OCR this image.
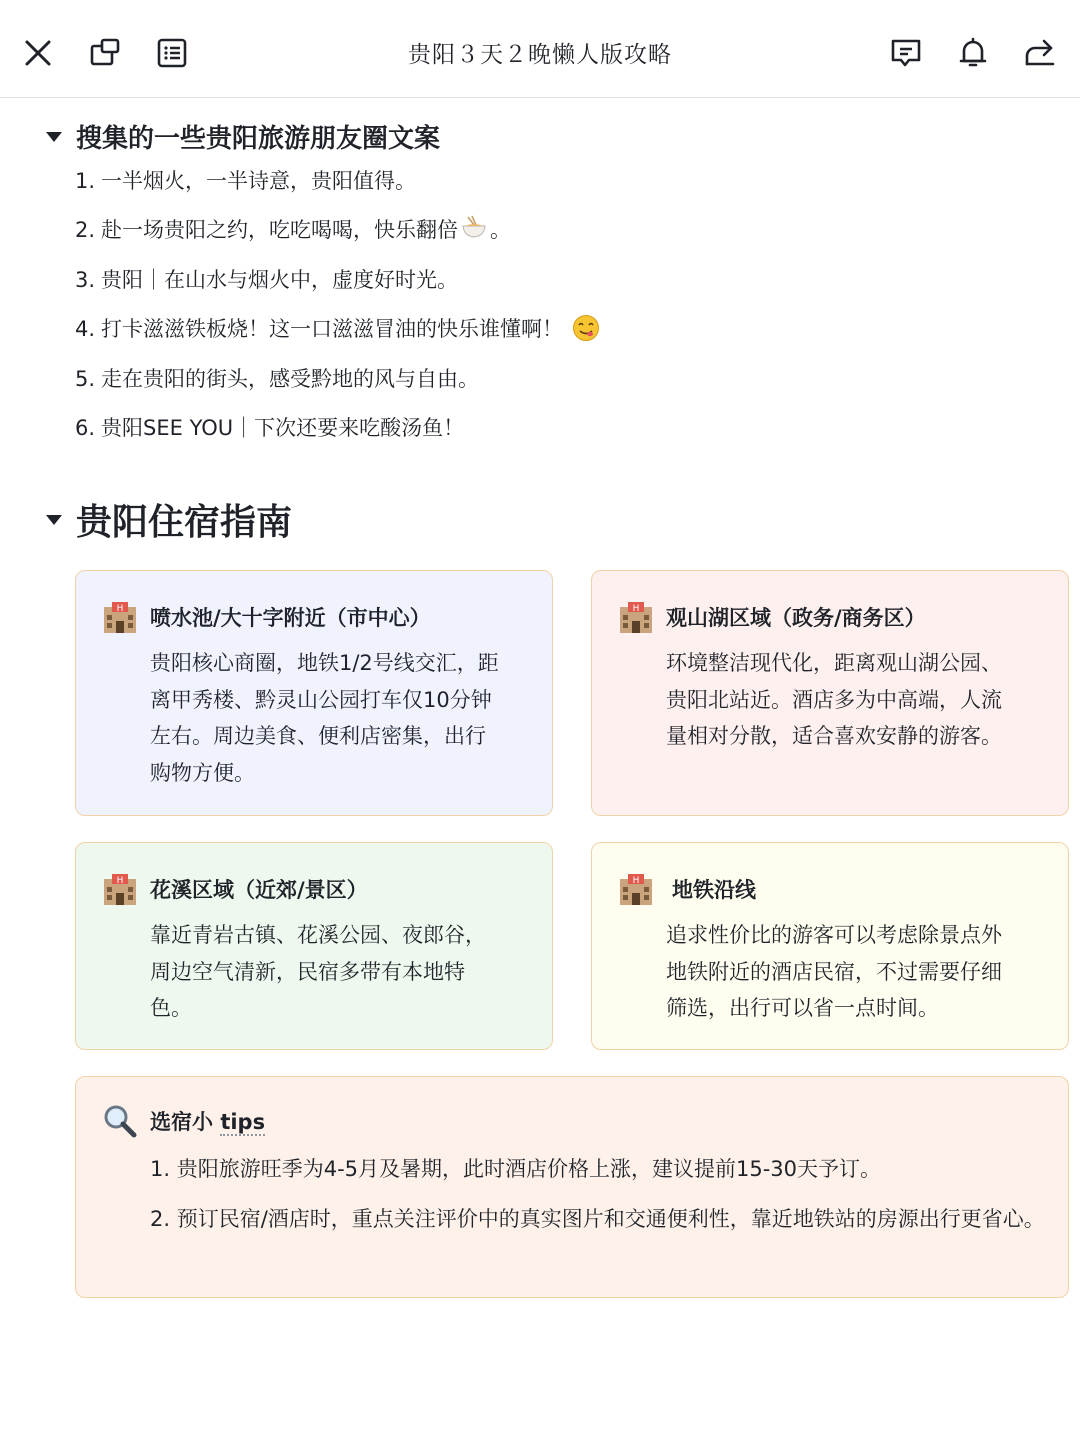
贵阳３天２晚懒人版攻略
搜集的一些贵阳旅游朋友圈文案
1. 一半烟火，一半诗意，贵阳值得。
2. 赴一场贵阳之约，吃吃喝喝，快乐翻倍 。
3. 贵阳｜在山水与烟火中，虚度好时光。
4. 打卡滋滋铁板烧！这一口滋滋冒油的快乐谁懂啊！
5. 走在贵阳的街头，感受黔地的风与自由。
6. 贵阳SEE YOU｜下次还要来吃酸汤鱼！
贵阳住宿指南
H 喷水池/大十字附近（市中心）
贵阳核心商圈，地铁1/2号线交汇，距
离甲秀楼、黔灵山公园打车仅10分钟
左右。周边美食、便利店密集，出行
购物方便。
H 观山湖区域（政务/商务区）
环境整洁现代化，距离观山湖公园、
贵阳北站近。酒店多为中高端，人流
量相对分散，适合喜欢安静的游客。
H 花溪区域（近郊/景区）
靠近青岩古镇、花溪公园、夜郎谷，
周边空气清新，民宿多带有本地特
色。
H 地铁沿线
追求性价比的游客可以考虑除景点外
地铁附近的酒店民宿，不过需要仔细
筛选，出行可以省一点时间。
选宿小 tips
1. 贵阳旅游旺季为4-5月及暑期，此时酒店价格上涨，建议提前15-30天予订。
2. 预订民宿/酒店时，重点关注评价中的真实图片和交通便利性，靠近地铁站的房源出行更省心。
